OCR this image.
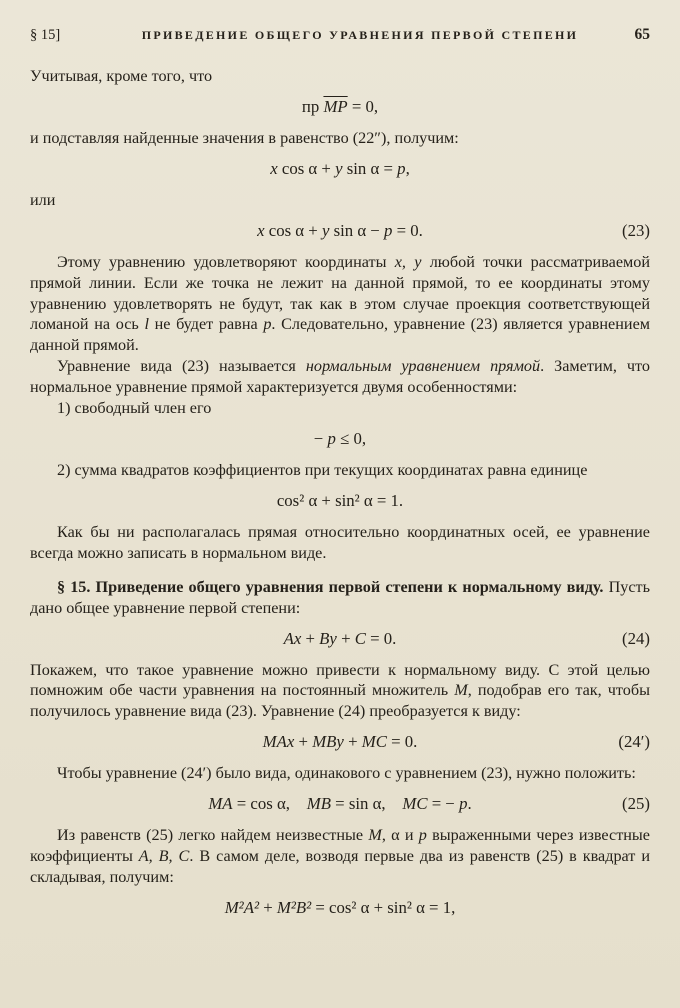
§ 15]	ПРИВЕДЕНИЕ ОБЩЕГО УРАВНЕНИЯ ПЕРВОЙ СТЕПЕНИ	65
Учитывая, кроме того, что
пр $\overline{MP} = 0$,
и подставляя найденные значения в равенство (22″), получим:
x cos α + y sin α = p,
или
x cos α + y sin α − p = 0.	(23)
Этому уравнению удовлетворяют координаты x, y любой точки рассматриваемой прямой линии. Если же точка не лежит на данной прямой, то ее координаты этому уравнению удовлетворять не будут, так как в этом случае проекция соответствующей ломаной на ось l не будет равна p. Следовательно, уравнение (23) является уравнением данной прямой.
Уравнение вида (23) называется нормальным уравнением прямой. Заметим, что нормальное уравнение прямой характеризуется двумя особенностями:
1) свободный член его
− p ≤ 0,
2) сумма квадратов коэффициентов при текущих координатах равна единице
cos² α + sin² α = 1.
Как бы ни располагалась прямая относительно координатных осей, ее уравнение всегда можно записать в нормальном виде.
§ 15. Приведение общего уравнения первой степени к нормальному виду. Пусть дано общее уравнение первой степени:
Ax + By + C = 0.	(24)
Покажем, что такое уравнение можно привести к нормальному виду. С этой целью помножим обе части уравнения на постоянный множитель M, подобрав его так, чтобы получилось уравнение вида (23). Уравнение (24) преобразуется к виду:
MAx + MBy + MC = 0.	(24′)
Чтобы уравнение (24′) было вида, одинакового с уравнением (23), нужно положить:
MA = cos α, MB = sin α, MC = − p.	(25)
Из равенств (25) легко найдем неизвестные M, α и p выраженными через известные коэффициенты A, B, C. В самом деле, возводя первые два из равенств (25) в квадрат и складывая, получим:
M²A² + M²B² = cos² α + sin² α = 1,
